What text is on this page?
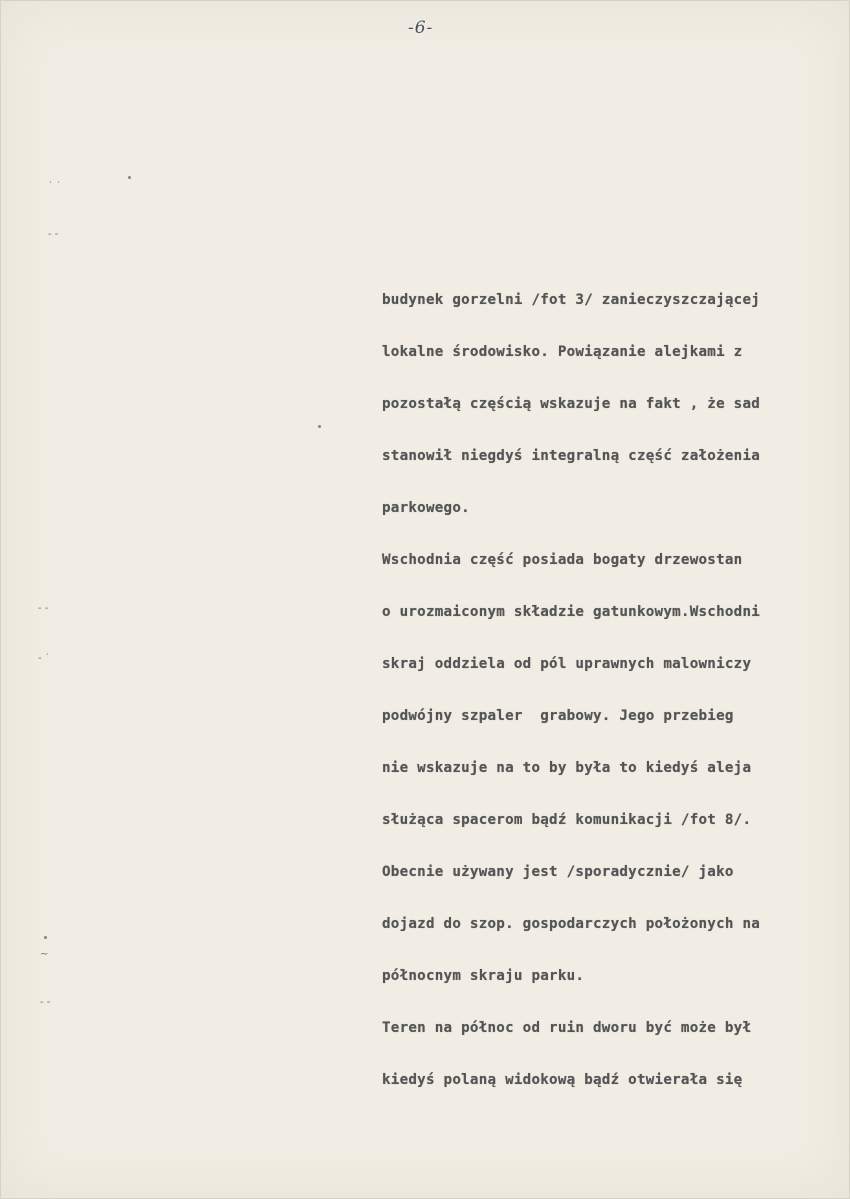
-6-
˙ ˙
- -
- -
- ˙
~
- -
budynek gorzelni /fot 3/ zanieczyszczającej
lokalne środowisko. Powiązanie alejkami z
pozostałą częścią wskazuje na fakt , że sad
stanowił niegdyś integralną część założenia
parkowego.
Wschodnia część posiada bogaty drzewostan
o urozmaiconym składzie gatunkowym.Wschodni
skraj oddziela od pól uprawnych malowniczy
podwójny szpaler  grabowy. Jego przebieg
nie wskazuje na to by była to kiedyś aleja
służąca spacerom bądź komunikacji /fot 8/.
Obecnie używany jest /sporadycznie/ jako
dojazd do szop. gospodarczych położonych na
północnym skraju parku.
Teren na północ od ruin dworu być może był
kiedyś polaną widokową bądź otwierała się
